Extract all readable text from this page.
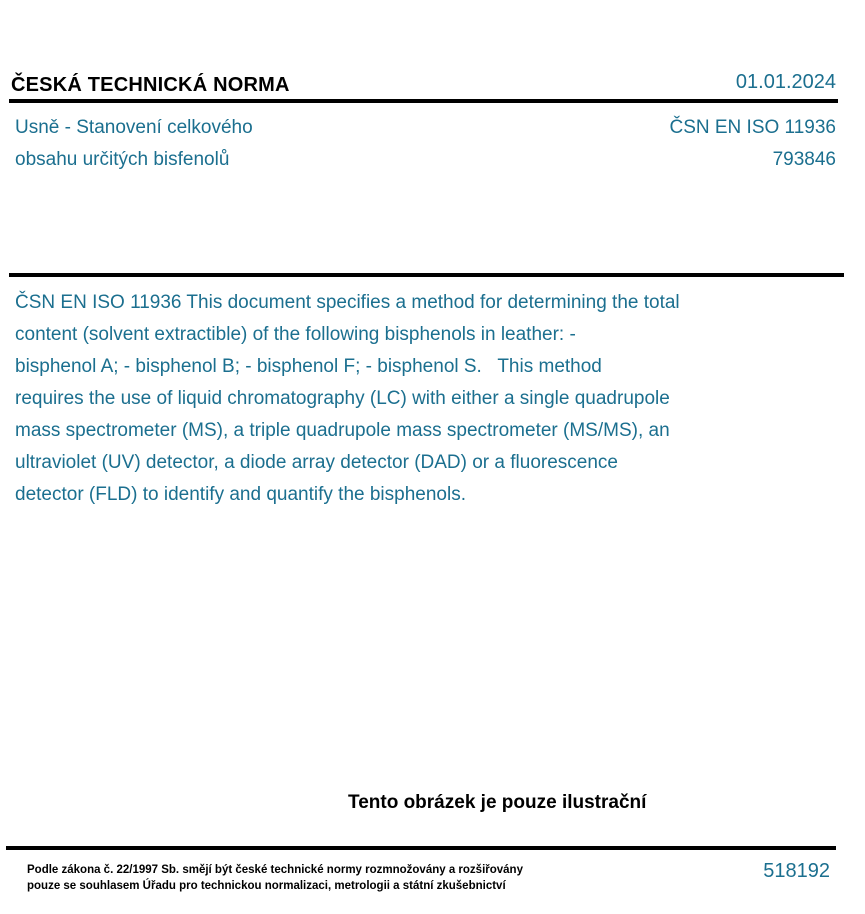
ČESKÁ TECHNICKÁ NORMA	01.01.2024
Usně - Stanovení celkového
obsahu určitých bisfenolů
ČSN EN ISO 11936
793846
ČSN EN ISO 11936 This document specifies a method for determining the total
content (solvent extractible) of the following bisphenols in leather: -
bisphenol A; - bisphenol B; - bisphenol F; - bisphenol S.   This method
requires the use of liquid chromatography (LC) with either a single quadrupole
mass spectrometer (MS), a triple quadrupole mass spectrometer (MS/MS), an
ultraviolet (UV) detector, a diode array detector (DAD) or a fluorescence
detector (FLD) to identify and quantify the bisphenols.
Tento obrázek je pouze ilustrační
Podle zákona č. 22/1997 Sb. smějí být české technické normy rozmnožovány a rozšiřovány
pouze se souhlasem Úřadu pro technickou normalizaci, metrologii a státní zkušebnictví
518192
